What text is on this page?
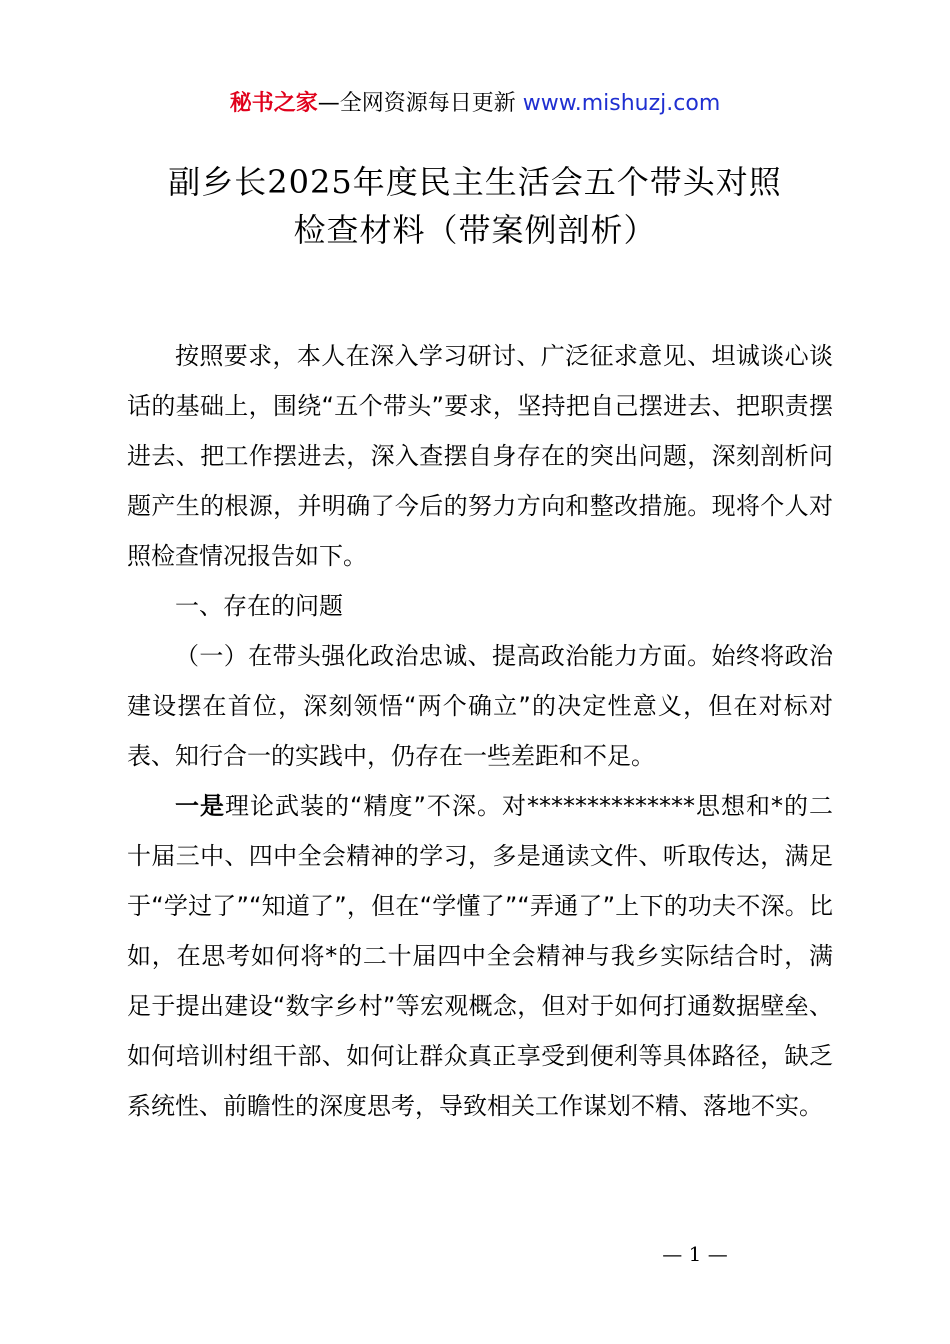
秘书之家—全网资源每日更新 www.mishuzj.com
副乡长2025年度民主生活会五个带头对照
检查材料（带案例剖析）

按照要求，本人在深入学习研讨、广泛征求意见、坦诚谈心谈话的基础上，围绕“五个带头”要求，坚持把自己摆进去、把职责摆进去、把工作摆进去，深入查摆自身存在的突出问题，深刻剖析问题产生的根源，并明确了今后的努力方向和整改措施。现将个人对照检查情况报告如下。

一、存在的问题

（一）在带头强化政治忠诚、提高政治能力方面。始终将政治建设摆在首位，深刻领悟“两个确立”的决定性意义，但在对标对表、知行合一的实践中，仍存在一些差距和不足。

一是理论武装的“精度”不深。对**************思想和*的二十届三中、四中全会精神的学习，多是通读文件、听取传达，满足于“学过了”“知道了”，但在“学懂了”“弄通了”上下的功夫不深。比如，在思考如何将*的二十届四中全会精神与我乡实际结合时，满足于提出建设“数字乡村”等宏观概念，但对于如何打通数据壁垒、如何培训村组干部、如何让群众真正享受到便利等具体路径，缺乏系统性、前瞻性的深度思考，导致相关工作谋划不精、落地不实。

— 1 —
